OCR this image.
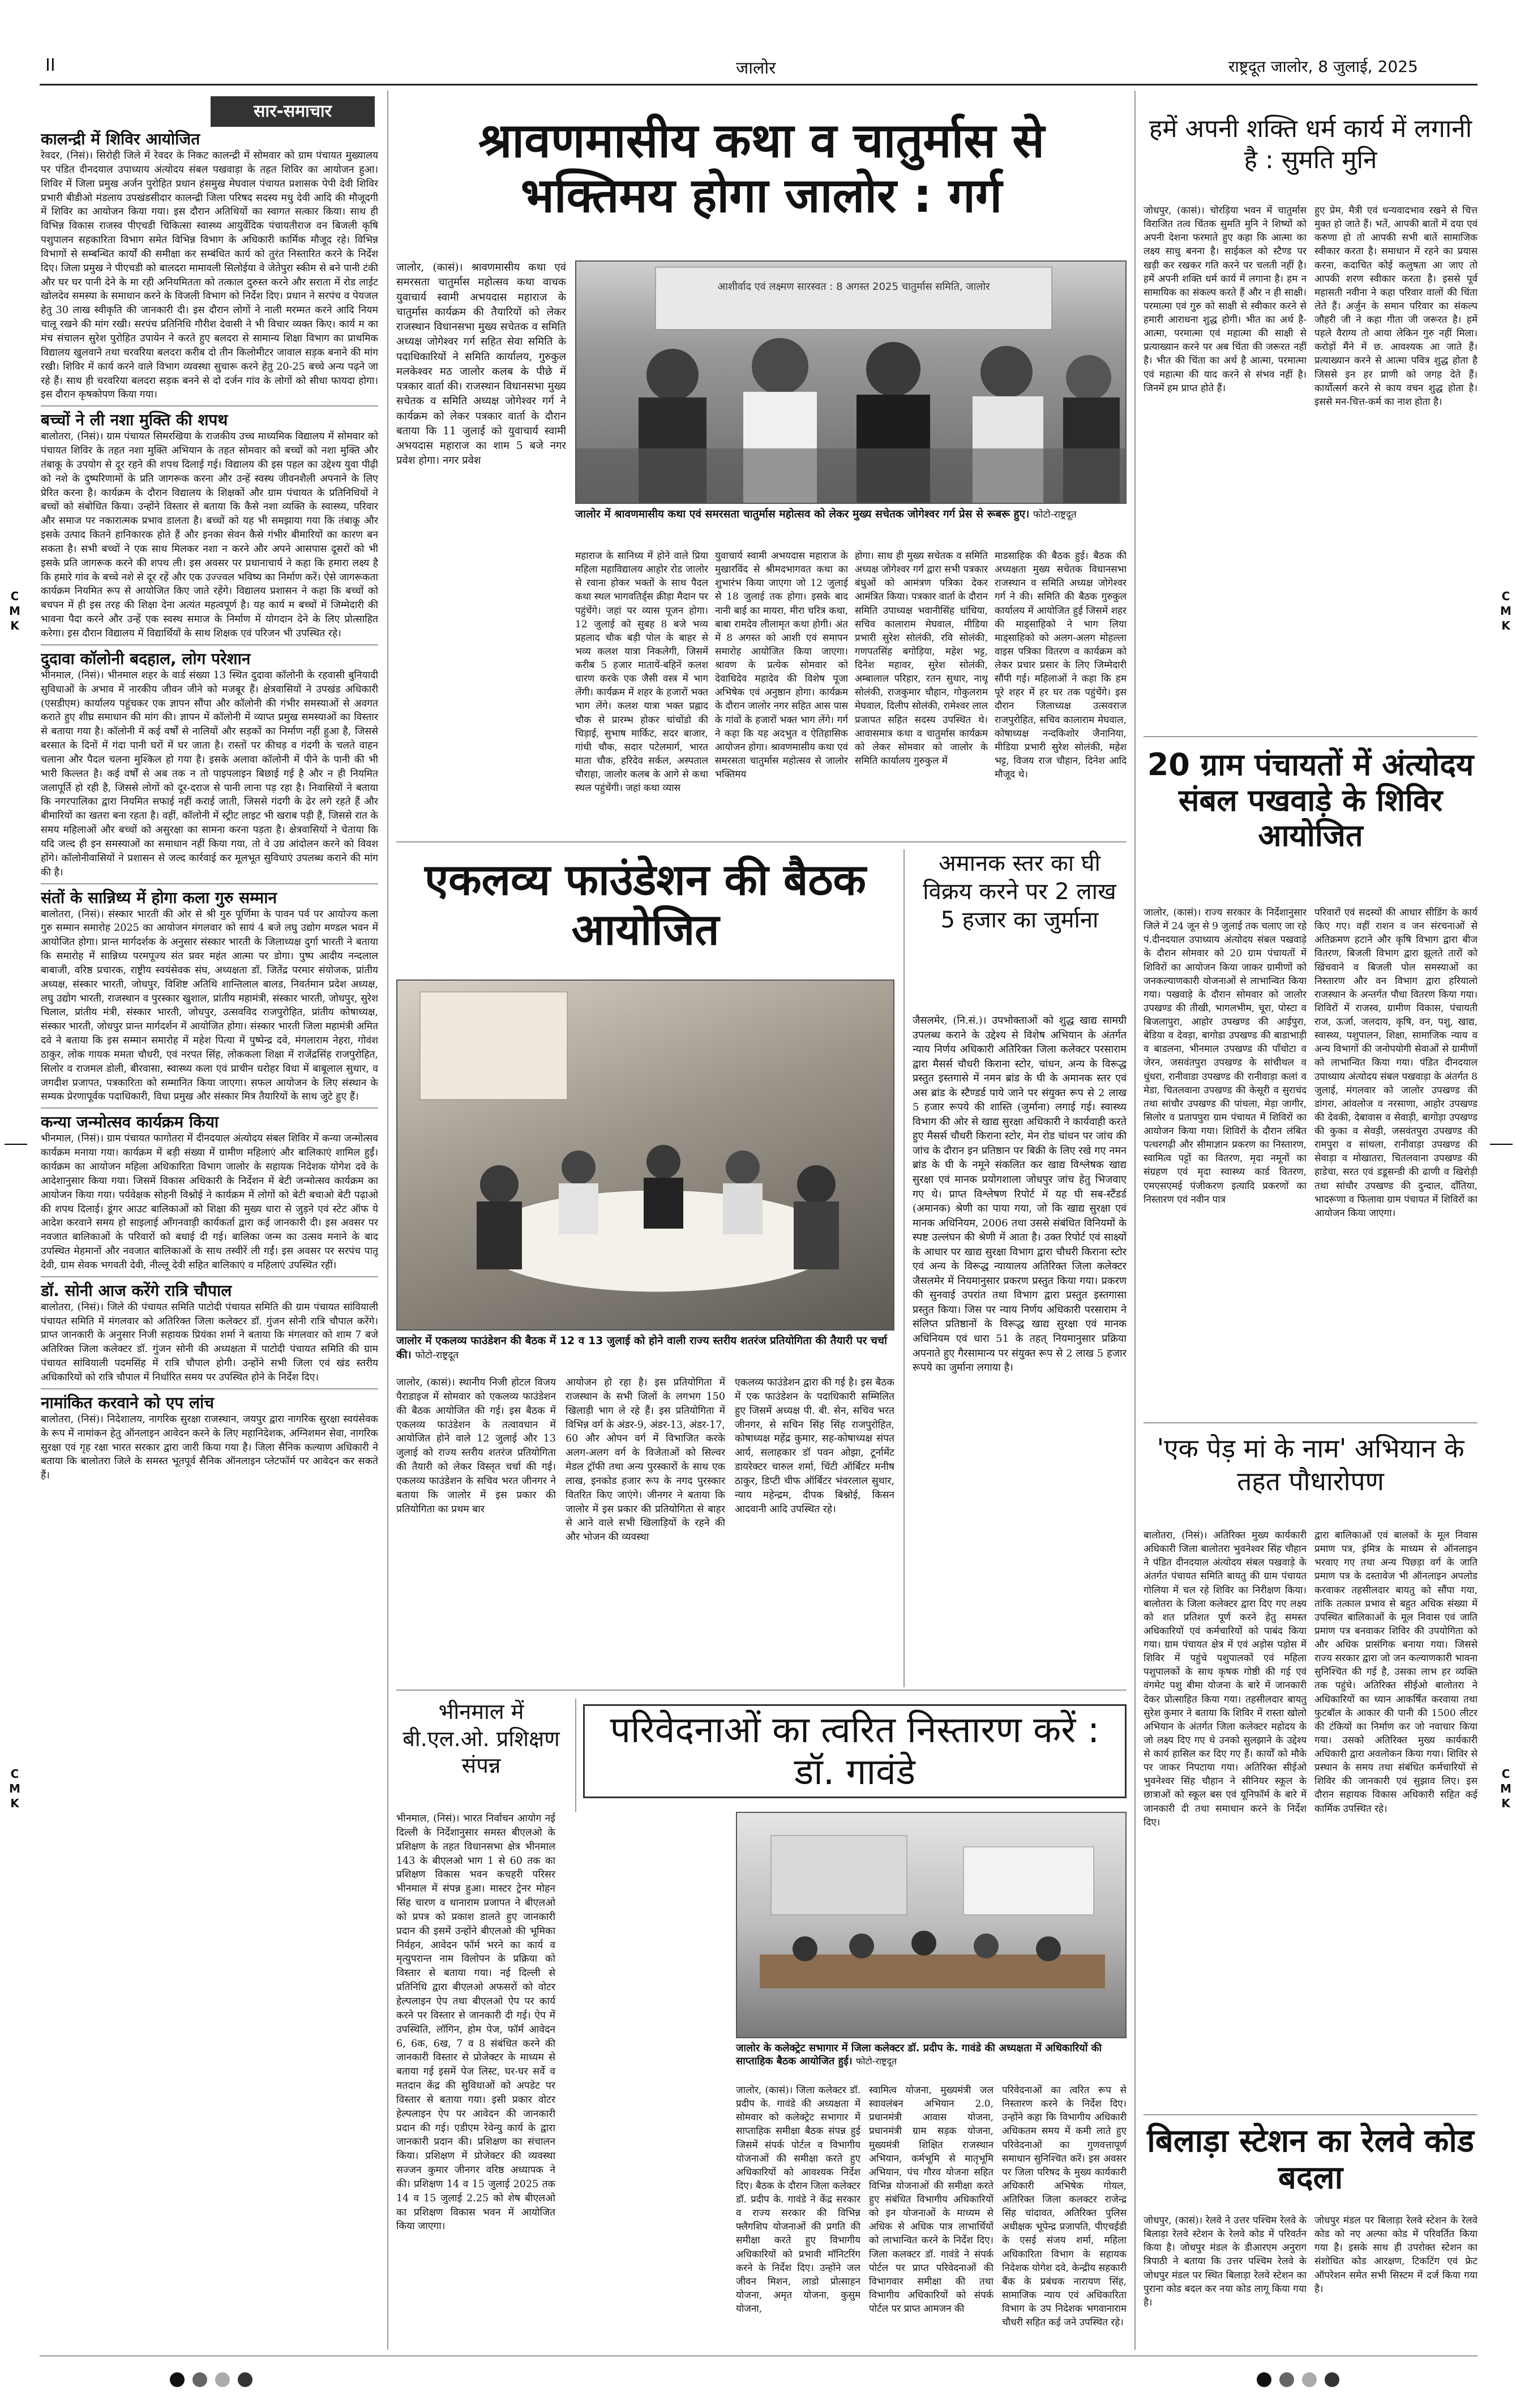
II	जालोर	राष्ट्रदूत जालोर, 8 जुलाई, 2025
CMK
CMK
CMK
CMK
सार-समाचार
कालन्द्री में शिविर आयोजित
रेवदर, (निसं)। सिरोही जिले में रेवदर के निकट कालन्द्री में सोमवार को ग्राम पंचायत मुख्यालय पर पंडित दीनदयाल उपाध्याय अंत्योदय संबल पखवाड़ा के तहत शिविर का आयोजन हुआ। शिविर में जिला प्रमुख अर्जन पुरोहित प्रधान हंसमुख मेघवाल पंचायत प्रशासक पेपी देवी शिविर प्रभारी बीडीओ मंडलाय उपखंडसीदार कालन्द्री जिला परिषद सदस्य मधु देवी आदि की मौजूदगी में शिविर का आयोजन किया गया। इस दौरान अतिथियों का स्वागत सत्कार किया। साथ ही विभिन्न विकास राजस्व पीएचडी चिकित्सा स्वास्थ्य आयुर्वेदिक पंचायतीराज वन बिजली कृषि पशुपालन सहकारिता विभाग समेत विभिन्न विभाग के अधिकारी कार्मिक मौजूद रहे। विभिन्न विभागों से सम्बन्धित कार्यों की समीक्षा कर सम्बंधित कार्य को तुरंत निस्तारित करने के निर्देश दिए। जिला प्रमुख ने पीएचडी को बालदरा मामावली सिलोईया वे जेतेपुरा स्कीम से बने पानी टंकी और घर घर पानी देने के मा रही अनियमितता को तत्काल दुरुस्त करने और सराता में रोड लाईट खोलदेव समस्या के समाधान करने के विजली विभाग को निर्देश दिए। प्रधान ने सरपंच व पेयजल हेतु 30 लाख स्वीकृति की जानकारी दी। इस दौरान लोगों ने नाली मरम्मत करने आदि नियम चालू रखने की मांग रखी। सरपंच प्रतिनिधि गौरीश देवासी ने भी विचार व्यक्त किए। कार्य म का मंच संचालन सुरेश पुरोहित उपायेन ने करते हुए बलदरा से सामान्य शिक्षा विभाग का प्राथमिक विद्यालय खुलवाने तथा चरवरिया बलदरा करीब दो तीन किलोमीटर जावाल सड़क बनाने की मांग रखी। शिविर में कार्य करने वाले विभाग व्यवस्था सुचारू करने हेतु 20-25 बच्चे अन्य पढ़ने जा रहे हैं। साथ ही चरवरिया बलदरा सड़क बनने से दो दर्जन गांव के लोगों को सीधा फायदा होगा। इस दौरान कृषकोपण किया गया।
बच्चों ने ली नशा मुक्ति की शपथ
बालोतरा, (निसं)। ग्राम पंचायत सिमरखिया के राजकीय उच्च माध्यमिक विद्यालय में सोमवार को पंचायत शिविर के तहत नशा मुक्ति अभियान के तहत सोमवार को बच्चों को नशा मुक्ति और तंबाकू के उपयोग से दूर रहने की शपथ दिलाई गई। विद्यालय की इस पहल का उद्देश्य युवा पीढ़ी को नशे के दुष्परिणामों के प्रति जागरूक करना और उन्हें स्वस्थ जीवनशैली अपनाने के लिए प्रेरित करना है। कार्यक्रम के दौरान विद्यालय के शिक्षकों और ग्राम पंचायत के प्रतिनिधियों ने बच्चों को संबोधित किया। उन्होंने विस्तार से बताया कि कैसे नशा व्यक्ति के स्वास्थ्य, परिवार और समाज पर नकारात्मक प्रभाव डालता है। बच्चों को यह भी समझाया गया कि तंबाकू और इसके उत्पाद कितने हानिकारक होते हैं और इनका सेवन कैसे गंभीर बीमारियों का कारण बन सकता है। सभी बच्चों ने एक साथ मिलकर नशा न करने और अपने आसपास दूसरों को भी इसके प्रति जागरूक करने की शपथ ली। इस अवसर पर प्रधानाचार्य ने कहा कि हमारा लक्ष्य है कि हमारे गांव के बच्चे नशे से दूर रहें और एक उज्ज्वल भविष्य का निर्माण करें। ऐसे जागरूकता कार्यक्रम नियमित रूप से आयोजित किए जाते रहेंगे। विद्यालय प्रशासन ने कहा कि बच्चों को बचपन में ही इस तरह की शिक्षा देना अत्यंत महत्वपूर्ण है। यह कार्य म बच्चों में जिम्मेदारी की भावना पैदा करने और उन्हें एक स्वस्थ समाज के निर्माण में योगदान देने के लिए प्रोत्साहित करेगा। इस दौरान विद्यालय में विद्यार्थियों के साथ शिक्षक एवं परिजन भी उपस्थित रहे।
दुदावा कॉलोनी बदहाल, लोग परेशान
भीनमाल, (निसं)। भीनमाल शहर के वार्ड संख्या 13 स्थित दुदावा कॉलोनी के रहवासी बुनियादी सुविधाओं के अभाव में नारकीय जीवन जीने को मजबूर हैं। क्षेत्रवासियों ने उपखंड अधिकारी (एसडीएम) कार्यालय पहुंचकर एक ज्ञापन सौंपा और कॉलोनी की गंभीर समस्याओं से अवगत कराते हुए शीघ्र समाधान की मांग की। ज्ञापन में कॉलोनी में व्याप्त प्रमुख समस्याओं का विस्तार से बताया गया है। कॉलोनी में कई वर्षों से नालियों और सड़कों का निर्माण नहीं हुआ है, जिससे बरसात के दिनों में गंदा पानी घरों में घर जाता है। रास्तों पर कीचड़ व गंदगी के चलते वाहन चलाना और पैदल चलना मुश्किल हो गया है। इसके अलावा कॉलोनी में पीने के पानी की भी भारी किल्लत है। कई वर्षों से अब तक न तो पाइपलाइन बिछाई गई है और न ही नियमित जलापूर्ति हो रही है, जिससे लोगों को दूर-दराज से पानी लाना पड़ रहा है। निवासियों ने बताया कि नगरपालिका द्वारा नियमित सफाई नहीं कराई जाती, जिससे गंदगी के ढेर लगे रहते हैं और बीमारियों का खतरा बना रहता है। वहीं, कॉलोनी में स्ट्रीट लाइट भी खराब पड़ी हैं, जिससे रात के समय महिलाओं और बच्चों को असुरक्षा का सामना करना पड़ता है। क्षेत्रवासियों ने चेताया कि यदि जल्द ही इन समस्याओं का समाधान नहीं किया गया, तो वे उग्र आंदोलन करने को विवश होंगे। कॉलोनीवासियों ने प्रशासन से जल्द कार्रवाई कर मूलभूत सुविधाएं उपलब्ध कराने की मांग की है।
संतों के सान्निध्य में होगा कला गुरु सम्मान
बालोतरा, (निसं)। संस्कार भारती की ओर से श्री गुरु पूर्णिमा के पावन पर्व पर आयोज्य कला गुरु सम्मान समारोह 2025 का आयोजन मंगलवार को सायं 4 बजे लघु उद्योग मण्डल भवन में आयोजित होगा। प्रान्त मार्गदर्शक के अनुसार संस्कार भारती के जिलाध्यक्ष दुर्गा भारती ने बताया कि समारोह में सान्निध्य परमपूज्य संत प्रवर महंत आत्मा पर डोगा। पुष्प आदीय नन्दलाल बाबाजी, वरिष्ठ प्रचारक, राष्ट्रीय स्वयंसेवक संघ, अध्यक्षता डॉ. जितेंद्र परमार संयोजक, प्रांतीय अध्यक्ष, संस्कार भारती, जोधपुर, विशिष्ट अतिथि शान्तिलाल बालड, निवर्तमान प्रदेश अध्यक्ष, लघु उद्योग भारती, राजस्थान व पुरस्कार खुशाल, प्रांतीय महामंत्री, संस्कार भारती, जोधपुर, सुरेश चिलाल, प्रांतीय मंत्री, संस्कार भारती, जोधपुर, उत्सवविद राजपुरोहित, प्रांतीय कोषाध्यक्ष, संस्कार भारती, जोधपुर प्रान्त मार्गदर्शन में आयोजित होगा। संस्कार भारती जिला महामंत्री अमित दवे ने बताया कि इस सम्मान समारोह में महेश पित्या में पुष्पेन्द्र दवे, मंगलाराम नेहरा, गोवंश ठाकुर, लोक गायक ममता चौधरी, एवं नरपत सिंह, लोककला शिक्षा में राजेंद्रसिंह राजपुरोहित, सिलोर व राजमल डोली, बीरवासा, स्वास्थ्य कला एवं प्राचीन धरोहर विधा में बाबूलाल सुथार, व जगदीश प्रजापत, पत्रकारिता को सम्मानित किया जाएगा। सफल आयोजन के लिए संस्थान के सम्यक प्रेरणापूर्वक पदाधिकारी, विधा प्रमुख और संस्कार मित्र तैयारियों के साथ जुटे हुए हैं।
कन्या जन्मोत्सव कार्यक्रम किया
भीनमाल, (निसं)। ग्राम पंचायत फागोतरा में दीनदयाल अंत्योदय संबल शिविर में कन्या जन्मोत्सव कार्यक्रम मनाया गया। कार्यक्रम में बड़ी संख्या में ग्रामीण महिलाएं और बालिकाएं शामिल हुईं। कार्यक्रम का आयोजन महिला अधिकारिता विभाग जालोर के सहायक निदेशक योगेश दवे के आदेशानुसार किया गया। जिसमें विकास अधिकारी के निर्देशन में बेटी जन्मोत्सव कार्यक्रम का आयोजन किया गया। पर्यवेक्षक सोहनी विश्नोई ने कार्यक्रम में लोगों को बेटी बचाओ बेटी पढ़ाओ की शपथ दिलाई। डूंगर आउट बालिकाओं को शिक्षा की मुख्य धारा से जुड़ने एवं स्टेट ऑफ ये आदेश करवाने समय हो साइलाई आँगनवाड़ी कार्यकर्ता द्वारा कई जानकारी दी। इस अवसर पर नवजात बालिकाओं के परिवारों को बधाई दी गई। बालिका जन्म का उत्सव मनाने के बाद उपस्थित मेहमानों और नवजात बालिकाओं के साथ तस्वीरें ली गईं। इस अवसर पर सरपंच पातू देवी, ग्राम सेवक भगवती देवी, नील्लू देवी सहित बालिकाएं व महिलाएं उपस्थित रहीं।
डॉ. सोनी आज करेंगे रात्रि चौपाल
बालोतरा, (निसं)। जिले की पंचायत समिति पाटोदी पंचायत समिति की ग्राम पंचायत सांवियाली पंचायत समिति में मंगलवार को अतिरिक्त जिला कलेक्टर डॉ. गुंजन सोनी रात्रि चौपाल करेंगे। प्राप्त जानकारी के अनुसार निजी सहायक प्रियंका शर्मा ने बताया कि मंगलवार को शाम 7 बजे अतिरिक्त जिला कलेक्टर डॉ. गुंजन सोनी की अध्यक्षता में पाटोदी पंचायत समिति की ग्राम पंचायत सांवियाली पदमसिंह में रात्रि चौपाल होगी। उन्होंने सभी जिला एवं खंड स्तरीय अधिकारियों को रात्रि चौपाल में निर्धारित समय पर उपस्थित होने के निर्देश दिए।
नामांकित करवाने को एप लांच
बालोतरा, (निसं)। निदेशालय, नागरिक सुरक्षा राजस्थान, जयपुर द्वारा नागरिक सुरक्षा स्वयंसेवक के रूप में नामांकन हेतु ऑनलाइन आवेदन करने के लिए महानिदेशक, अग्निशमन सेवा, नागरिक सुरक्षा एवं गृह रक्षा भारत सरकार द्वारा जारी किया गया है। जिला सैनिक कल्याण अधिकारी ने बताया कि बालोतरा जिले के समस्त भूतपूर्व सैनिक ऑनलाइन प्लेटफॉर्म पर आवेदन कर सकते हैं।
श्रावणमासीय कथा व चातुर्मास से भक्तिमय होगा जालोर : गर्ग
जालोर, (कासं)। श्रावणमासीय कथा एवं समरसता चातुर्मास महोत्सव कथा वाचक युवाचार्य स्वामी अभयदास महाराज के चातुर्मास कार्यक्रम की तैयारियों को लेकर राजस्थान विधानसभा मुख्य सचेतक व समिति अध्यक्ष जोगेश्वर गर्ग सहित सेवा समिति के पदाधिकारियों ने समिति कार्यालय, गुरुकुल मलकेश्वर मठ जालोर कलब के पीछे में पत्रकार वार्ता की। राजस्थान विधानसभा मुख्य सचेतक व समिति अध्यक्ष जोगेश्वर गर्ग ने कार्यक्रम को लेकर पत्रकार वार्ता के दौरान बताया कि 11 जुलाई को युवाचार्य स्वामी अभयदास महाराज का शाम 5 बजे नगर प्रवेश होगा। नगर प्रवेश
आशीर्वाद एवं लक्ष्मण सारस्वत : 8 अगस्त 2025 चातुर्मास समिति, जालोर
जालोर में श्रावणमासीय कथा एवं समरसता चातुर्मास महोत्सव को लेकर मुख्य सचेतक जोगेश्वर गर्ग प्रेस से रूबरू हुए। फोटो-राष्ट्रदूत
महाराज के सानिध्य में होने वाले प्रिया महिला महाविद्यालय आहोर रोड जालोर से रवाना होकर भक्तों के साथ पैदल कथा स्थल भागवतिर्ड्स क्रीड़ा मैदान पर पहुंचेंगे। जहां पर व्यास पूजन होगा। 12 जुलाई को सुबह 8 बजे भव्य प्रहलाद चौक बड़ी पोल के बाहर से भव्य कलश यात्रा निकलेगी, जिसमें करीब 5 हजार मातायें-बहिनें कलश धारण करके एक जैसी वस्त्र में भाग लेंगी। कार्यक्रम में शहर के हजारों भक्त भाग लेंगे। कलश यात्रा भक्त प्रह्लाद चौक से प्रारम्भ होकर चांचोंडो की चिड़ाई, सुभाष मार्किट, सदर बाजार, गांधी चौक, सदार पटेलमार्ग, भारत माता चौक, हरिदेव सर्कल, अस्पताल चौराहा, जालोर कलब के आगे से कथा स्थल पहुंचेंगी। जहां कथा व्यास
युवाचार्य स्वामी अभयदास महाराज के मुखारविंद से श्रीमदभागवत कथा का शुभारंभ किया जाएगा जो 12 जुलाई से 18 जुलाई तक होगा। इसके बाद नानी बाई का मायरा, मीरा चरित्र कथा, बाबा रामदेव लीलामृत कथा होगी। अंत में 8 अगस्त को आशी एवं समापन समारोह आयोजित किया जाएगा। श्रावण के प्रत्येक सोमवार को देवाधिदेव महादेव की विशेष पूजा अभिषेक एवं अनुष्ठान होगा। कार्यक्रम के दौरान जालोर नगर सहित आस पास के गांवों के हजारों भक्त भाग लेंगे। गर्ग ने कहा कि यह अदभुत व ऐतिहासिक आयोजन होगा। श्रावणमासीय कथा एवं समरसता चातुर्मास महोत्सव से जालोर भक्तिमय
होगा। साथ ही मुख्य सचेतक व समिति अध्यक्ष जोगेश्वर गर्ग द्वारा सभी पत्रकार बंधुओं को आमंत्रण पत्रिका देकर आमंत्रित किया। पत्रकार वार्ता के दौरान समिति उपाध्यक्ष भवानीसिंह धांधिया, सचिव कालाराम मेघवाल, मीडिया प्रभारी सुरेश सोलंकी, रवि सोलंकी, गणपतसिंह बगोड़िया, महेश भट्ट, दिनेश महावर, सुरेश सोलंकी, अम्बालाल परिहार, रतन सुथार, नाथू सोलंकी, राजकुमार चौहान, गोकुलराम मेघवाल, दिलीप सोलंकी, रामेश्वर लाल प्रजापत सहित सदस्य उपस्थित थे। आवासमात्र कथा व चातुर्मास कार्यक्रम को लेकर सोमवार को जालोर के समिति कार्यालय गुरुकुल में
माडसाहिक की बैठक हुई। बैठक की अध्यक्षता मुख्य सचेतक विधानसभा राजस्थान व समिति अध्यक्ष जोगेश्वर गर्ग ने की। समिति की बैठक गुरुकुल कार्यालय में आयोजित हुई जिसमें शहर की माड्साहिको ने भाग लिया माड्साहिको को अलग-अलग मोहल्ला वाइस पत्रिका वितरण व कार्यक्रम को लेकर प्रचार प्रसार के लिए जिम्मेदारी सौंपी गई। महिलाओं ने कहा कि हम पूरे शहर में हर घर तक पहुंचेंगे। इस दौरान जिलाध्यक्ष उत्सवराज राजपुरोहित, सचिव कालाराम मेघवाल, कोषाध्यक्ष नन्दकिशोर जैनानिया, मीडिया प्रभारी सुरेश सोलंकी, महेश भट्ट, विजय राज चौहान, दिनेश आदि मौजूद थे।
एकलव्य फाउंडेशन की बैठक आयोजित
जालोर में एकलव्य फाउंडेशन की बैठक में 12 व 13 जुलाई को होने वाली राज्य स्तरीय शतरंज प्रतियोगिता की तैयारी पर चर्चा की। फोटो-राष्ट्रदूत
जालोर, (कासं)। स्थानीय निजी होटल विजय पैराडाइज में सोमवार को एकलव्य फाउंडेशन की बैठक आयोजित की गई। इस बैठक में एकलव्य फाउंडेशन के तत्वावधान में आयोजित होने वाले 12 जुलाई और 13 जुलाई को राज्य स्तरीय शतरंज प्रतियोगिता की तैयारी को लेकर विस्तृत चर्चा की गई। एकलव्य फाउंडेशन के सचिव भरत जीनगर ने बताया कि जालोर में इस प्रकार की प्रतियोगिता का प्रथम बार
आयोजन हो रहा है। इस प्रतियोगिता में राजस्थान के सभी जिलों के लगभग 150 खिलाड़ी भाग ले रहे हैं। इस प्रतियोगिता में विभिन्न वर्ग के अंडर-9, अंडर-13, अंडर-17, 60 और ओपन वर्ग में विभाजित करके अलग-अलग वर्ग के विजेताओं को सिल्वर मेडल ट्रॉफी तथा अन्य पुरस्कारों के साथ एक लाख, इनकोड हजार रूप के नगद पुरस्कार वितरित किए जाएंगे। जीनगर ने बताया कि जालोर में इस प्रकार की प्रतियोगिता से बाहर से आने वाले सभी खिलाड़ियों के रहने की और भोजन की व्यवस्था
एकलव्य फाउंडेशन द्वारा की गई है। इस बैठक में एक फाउंडेशन के पदाधिकारी सम्मिलित हुए जिसमें अध्यक्ष पी. बी. सेन, सचिव भरत जीनगर, से सचिन सिंह सिंह राजपुरोहित, कोषाध्यक्ष महेंद्र कुमार, सह-कोषाध्यक्ष संपत आर्य, सलाहकार डॉ पवन ओझा, टूर्नामेंट डायरेक्टर चारुल शर्मा, चिंटी ऑर्बिटर मनीष ठाकुर, डिप्टी चीफ ऑर्बिटर भंवरलाल सुथार, न्याय महेन्द्रम, दीपक बिश्नोई, किसन आदवानी आदि उपस्थित रहे।
अमानक स्तर का घी विक्रय करने पर 2 लाख 5 हजार का जुर्माना
जैसलमेर, (नि.सं.)। उपभोक्ताओं को शुद्ध खाद्य सामग्री उपलब्ध कराने के उद्देश्य से विशेष अभियान के अंतर्गत न्याय निर्णय अधिकारी अतिरिक्त जिला कलेक्टर परसाराम द्वारा मैसर्स चौधरी किराना स्टोर, चांधन, अन्य के विरूद्ध प्रस्तुत इस्तगासे में नमन ब्रांड के घी के अमानक स्तर एवं अस ब्रांड के स्टैण्डर्ड पाये जाने पर संयुक्त रूप से 2 लाख 5 हजार रूपये की शास्ति (जुर्माना) लगाई गई। स्वास्थ्य विभाग की ओर से खाद्य सुरक्षा अधिकारी ने कार्यवाही करते हुए मैसर्स चौधरी किराना स्टोर, मेन रोड चांधन पर जांच की जांच के दौरान इन प्रतिष्ठान पर बिक्री के लिए रखे गए नमन ब्रांड के घी के नमूने संकलित कर खाद्य विश्लेषक खाद्य सुरक्षा एवं मानक प्रयोगशाला जोधपुर जांच हेतु भिजवाए गए थे। प्राप्त विश्लेषण रिपोर्ट में यह घी सब-स्टैंडर्ड (अमानक) श्रेणी का पाया गया, जो कि खाद्य सुरक्षा एवं मानक अधिनियम, 2006 तथा उससे संबंधित विनियमों के स्पष्ट उल्लंघन की श्रेणी में आता है। उक्त रिपोर्ट एवं साक्ष्यों के आधार पर खाद्य सुरक्षा विभाग द्वारा चौधरी किराना स्टोर एवं अन्य के विरूद्ध न्यायालय अतिरिक्त जिला कलेक्टर जैसलमेर में नियमानुसार प्रकरण प्रस्तुत किया गया। प्रकरण की सुनवाई उपरांत तथा विभाग द्वारा प्रस्तुत इस्तगासा प्रस्तुत किया। जिस पर न्याय निर्णय अधिकारी परसाराम ने संलिप्त प्रतिष्ठानों के विरूद्ध खाद्य सुरक्षा एवं मानक अधिनियम एवं धारा 51 के तहत् नियमानुसार प्रक्रिया अपनाते हुए गैरसामान्य पर संयुक्त रूप से 2 लाख 5 हजार रूपये का जुर्माना लगाया है।
भीनमाल में बी.एल.ओ. प्रशिक्षण संपन्न
भीनमाल, (निसं)। भारत निर्वाचन आयोग नई दिल्ली के निर्देशानुसार समस्त बीएलओ के प्रशिक्षण के तहत विधानसभा क्षेत्र भीनमाल 143 के बीएलओ भाग 1 से 60 तक का प्रशिक्षण विकास भवन कचहरी परिसर भीनमाल में संपन्न हुआ। मास्टर ट्रेनर मोहन सिंह चारण व थानाराम प्रजापत ने बीएलओ को प्रपत्र को प्रकाश डालते हुए जानकारी प्रदान की इसमें उन्होंने बीएलओ की भूमिका निर्वहन, आवेदन फॉर्म भरने का कार्य व मृत्युपरान्त नाम विलोपन के प्रक्रिया को विस्तार से बताया गया। नई दिल्ली से प्रतिनिधि द्वारा बीएलओ अफसरों को वोटर हेल्पलाइन ऐप तथा बीएलओ ऐप पर कार्य करने पर विस्तार से जानकारी दी गई। ऐप में उपस्थिति, लॉगिन, होम पेज, फॉर्म आवेदन 6, 6क, 6ख, 7 व 8 संबंधित करने की जानकारी विस्तार से प्रोजेक्टर के माध्यम से बताया गई इसमें पेज लिस्ट, घर-घर सर्वे व मतदान केंद्र की सुविधाओं को अपडेट पर विस्तार से बताया गया। इसी प्रकार वोटर हेल्पलाइन ऐप पर आवेदन की जानकारी प्रदान की गई। एडीएम रेवेन्यु कार्य के द्वारा जानकारी प्रदान की। प्रशिक्षण का संचालन किया। प्रशिक्षण में प्रोजेक्टर की व्यवस्था सज्जन कुमार जीनगर वरिष्ठ अध्यापक ने की। प्रशिक्षण 14 व 15 जुलाई 2025 तक 14 व 15 जुलाई 2.25 को शेष बीएलओ का प्रशिक्षण विकास भवन में आयोजित किया जाएगा।
परिवेदनाओं का त्वरित निस्तारण करें : डॉ. गावंडे
जालोर के कलेक्ट्रेट सभागार में जिला कलेक्टर डॉ. प्रदीप के. गावंडे की अध्यक्षता में अधिकारियों की साप्ताहिक बैठक आयोजित हुई। फोटो-राष्ट्रदूत
जालोर, (कासं)। जिला कलेक्टर डॉ. प्रदीप के. गावंडे की अध्यक्षता में सोमवार को कलेक्ट्रेट सभागार में साप्ताहिक समीक्षा बैठक संपन्न हुई जिसमें संपर्क पोर्टल व विभागीय योजनाओं की समीक्षा करते हुए अधिकारियों को आवश्यक निर्देश दिए। बैठक के दौरान जिला कलेक्टर डॉ. प्रदीप के. गावंडे ने केंद्र सरकार व राज्य सरकार की विभिन्न फ्लैगशिप योजनाओं की प्रगति की समीक्षा करते हुए विभागीय अधिकारियों को प्रभावी मॉनिटरिंग करने के निर्देश दिए। उन्होंने जल जीवन मिशन, लाडो प्रोत्साहन योजना, अमृत योजना, कुसुम योजना,
स्वामित्व योजना, मुख्यमंत्री जल स्वावलंबन अभियान 2.0, प्रधानमंत्री आवास योजना, प्रधानमंत्री ग्राम सड़क योजना, मुख्यमंत्री शिक्षित राजस्थान अभियान, कर्मभूमि से मातृभूमि अभियान, पंच गौरव योजना सहित विभिन्न योजनाओं की समीक्षा करते हुए संबंधित विभागीय अधिकारियों को इन योजनाओं के माध्यम से अधिक से अधिक पात्र लाभार्थियों को लाभान्वित करने के निर्देश दिए। जिला कलक्टर डॉ. गावंडे ने संपर्क पोर्टल पर प्राप्त परिवेदनाओं की विभागवार समीक्षा की तथा विभागीय अधिकारियों को संपर्क पोर्टल पर प्राप्त आमजन की
परिवेदनाओं का त्वरित रूप से निस्तारण करने के निर्देश दिए। उन्होंने कहा कि विभागीय अधिकारी अधिकतम समय में कमी लाते हुए परिवेदनाओं का गुणवत्तापूर्ण समाधान सुनिश्चित करें। इस अवसर पर जिला परिषद के मुख्य कार्यकारी अधिकारी अभिषेक गोयल, अतिरिक्त जिला कलक्टर राजेन्द्र सिंह चांदावत, अतिरिक्त पुलिस अधीक्षक भूपेन्द्र प्रजापति, पीएचईडी के एसई संजय शर्मा, महिला अधिकारिता विभाग के सहायक निदेशक योगेश दवे, केन्द्रीय सहकारी बैंक के प्रबंधक नारायण सिंह, सामाजिक न्याय एवं अधिकारिता विभाग के उप निदेशक भगवानाराम चौधरी सहित कई जने उपस्थित रहे।
हमें अपनी शक्ति धर्म कार्य में लगानी है : सुमति मुनि
जोधपुर, (कासं)। चोरड़िया भवन में चातुर्मास विराजित तत्व चिंतक सुमति मुनि ने शिष्यों को अपनी देशना फरमाते हुए कहा कि आत्मा का लक्ष्य साधु बनना है। साईकल को स्टैण्ड पर खड़ी कर रखकर गति करने पर चलती नहीं है। हमें अपनी शक्ति धर्म कार्य में लगाना है। हम न सामायिक का संकल्प करते हैं और न ही साक्षी। परमात्मा एवं गुरु को साक्षी से स्वीकार करने से हमारी आराधना शुद्ध होगी। भीत का अर्थ है- आत्मा, परमात्मा एवं महात्मा की साक्षी से प्रत्याख्यान करने पर अब चिंता की जरूरत नहीं है। भीत की चिंता का अर्थ है आत्मा, परमात्मा एवं महात्मा की याद करने से संभव नहीं है। जिनमें हम प्राप्त होते हैं।
हुए प्रेम, मैत्री एवं धन्यवादभाव रखने से चित्त मुक्त हो जाते हैं। भतें, आपकी बातों में दया एवं करुणा हो तो आपकी सभी बातें सामाजिक स्वीकार करता है। समाधान में रहने का प्रयास करना, कदाचित कोई कलुषता आ जाए तो आपकी शरण स्वीकार करता है। इससे पूर्व महासती नवीना ने कहा परिवार वालों की चिंता लेते हैं। अर्जुन के समान परिवार का संकल्प जौहरी जी ने कहा गीता जी जरूरत है। हमें पहले वैराग्य तो आया लेकिन गुरु नहीं मिला। करोड़ों मैंने में छ. आवश्यक आ जाते हैं। प्रत्याख्यान करने से आत्मा पवित्र शुद्ध होता है जिससे इन हर प्राणी को जगह देते हैं। कार्योत्सर्ग करने से काय वचन शुद्ध होता है। इससे मन-चित्त-कर्म का नाश होता है।
20 ग्राम पंचायतों में अंत्योदय संबल पखवाड़े के शिविर आयोजित
जालोर, (कासं)। राज्य सरकार के निर्देशानुसार जिले में 24 जून से 9 जुलाई तक चलाए जा रहे पं.दीनदयाल उपाध्याय अंत्योदय संबल पखवाड़े के दौरान सोमवार को 20 ग्राम पंचायतों में शिविरों का आयोजन किया जाकर ग्रामीणों को जनकल्याणकारी योजनाओं से लाभान्वित किया गया। पखवाड़े के दौरान सोमवार को जालोर उपखण्ड की तीखी, भागलभीम, चूरा, पोस्टा व बिजलापुरा, आहोर उपखण्ड की आईपुरा, बेडिया व देवड़ा, बागोडा उपखण्ड की बाडाभाड़ी व बाडलना, भीनमाल उपखण्ड की पाँचोटा व जेरन, जसवंतपुरा उपखण्ड के सांचीथल व धुंधरा, रानीवाडा उपखण्ड की रानीवाड़ा कलां व मेडा, चितलवाना उपखण्ड की केसूरी व सुराचंद तथा सांचौर उपखण्ड की पांचला, मेड़ा जागीर, सिलोर व प्रतापपुरा ग्राम पंचायत में शिविरों का आयोजन किया गया। शिविरों के दौरान लंबित पत्थरगढ़ी और सीमाज्ञान प्रकरण का निस्तारण, स्वामित्व पट्टों का वितरण, मृदा नमूनों का संग्रहण एवं मृदा स्वास्थ्य कार्ड वितरण, एमएसएमई पंजीकरण इत्यादि प्रकरणों का निस्तारण एवं नवीन पात्र
परिवारों एवं सदस्यों की आधार सीडिंग के कार्य किए गए। वहीं राशन व जन संरचनाओं से अतिक्रमण हटाने और कृषि विभाग द्वारा बीज वितरण, बिजली विभाग द्वारा झूलते तारों को खिंचवाने व बिजली पोल समस्याओं का निस्तारण और वन विभाग द्वारा हरियालो राजस्थान के अन्तर्गत पौधा वितरण किया गया। शिविरों में राजस्व, ग्रामीण विकास, पंचायती राज, ऊर्जा, जलदाय, कृषि, वन, पशु, खाद्य, स्वास्थ्य, पशुपालन, शिक्षा, सामाजिक न्याय व अन्य विभागों की जनोपयोगी सेवाओं से ग्रामीणों को लाभान्वित किया गया। पंडित दीनदयाल उपाध्याय अंत्योदय संबल पखवाड़ा के अंतर्गत 8 जुलाई, मंगलवार को जालोर उपखण्ड की डांगरा, आंवलोज व नरसाणा, आहोर उपखण्ड की देवकी, देबावास व सेवाड़ी, बागोड़ा उपखण्ड की कुका व सेवड़ी, जसवंतपुरा उपखण्ड की रामपुरा व सांथला, रानीवाड़ा उपखण्ड की सेवाड़ा व मोखातरा, चितलवाना उपखण्ड की हाडेचा, सरत एवं डडूसन्डी की ढाणी व खिरोड़ी तथा सांचौर उपखण्ड की दुन्दाल, दाँतिया, भादरूणा व फिलावा ग्राम पंचायत में शिविरों का आयोजन किया जाएगा।
'एक पेड़ मां के नाम' अभियान के तहत पौधारोपण
बालोतरा, (निसं)। अतिरिक्त मुख्य कार्यकारी अधिकारी जिला बालोतरा भुवनेश्वर सिंह चौहान ने पंडित दीनदयाल अंत्योदय संबल पखवाड़े के अंतर्गत पंचायत समिति बायतु की ग्राम पंचायत गोलिया में चल रहे शिविर का निरीक्षण किया। बालोतरा के जिला कलेक्टर द्वारा दिए गए लक्ष्य को शत प्रतिशत पूर्ण करने हेतु समस्त अधिकारियों एवं कर्मचारियों को पाबंद किया गया। ग्राम पंचायत क्षेत्र में एवं अड़ोस पड़ोस में शिविर में पहुंचे पशुपालकों एवं महिला पशुपालकों के साथ कृषक गोष्ठी की गई एवं वंगमेट पशु बीमा योजना के बारे में जानकारी देकर प्रोत्साहित किया गया। तहसीलदार बायतु सुरेश कुमार ने बताया कि शिविर में रास्ता खोलो अभियान के अंतर्गत जिला कलेक्टर महोदय के जो लक्ष्य दिए गए थे उनको सुलझाने के उद्देश्य से कार्य हासिल कर दिए गए हैं। कार्यों को मौके पर जाकर निपटाया गया। अतिरिक्त सीईओ भुवनेश्वर सिंह चौहान ने सीनियर स्कूल के छात्राओं को स्कूल बस एवं यूनिफॉर्म के बारे में जानकारी दी तथा समाधान करने के निर्देश दिए।
द्वारा बालिकाओं एवं बालकों के मूल निवास प्रमाण पत्र, इंमित्र के माध्यम से ऑनलाइन भरवाए गए तथा अन्य पिछड़ा वर्ग के जाति प्रमाण पत्र के दस्तावेज भी ऑनलाइन अपलोड करवाकर तहसीलदार बायतु को सौंपा गया, तांकि तत्काल प्रभाव से बहुत अधिक संख्या में उपस्थित बालिकाओं के मूल निवास एवं जाति प्रमाण पत्र बनवाकर शिविर की उपयोगिता को और अधिक प्रासंगिक बनाया गया। जिससे राज्य सरकार द्वारा जो जन कल्याणकारी भावना सुनिश्चित की गई है, उसका लाभ हर व्यक्ति तक पहुंचे। अतिरिक्त सीईओ बालोतरा ने अधिकारियों का ध्यान आकर्षित करवाया तथा फुटबॉल के आकार की पानी की 1500 लीटर की टंकियों का निर्माण कर जो नवाचार किया गया। उसको अतिरिक्त मुख्य कार्यकारी अधिकारी द्वारा अवलोकन किया गया। शिविर से प्रस्थान के समय तथा संबंधित कर्मचारियों से शिविर की जानकारी एवं सुझाव लिए। इस दौरान सहायक विकास अधिकारी सहित कई कार्मिक उपस्थित रहे।
बिलाड़ा स्टेशन का रेलवे कोड बदला
जोधपुर, (कासं)। रेलवे ने उत्तर पश्चिम रेलवे के बिलाड़ा रेलवे स्टेशन के रेलवे कोड में परिवर्तन किया है। जोधपुर मंडल के डीआरएम अनुराग त्रिपाठी ने बताया कि उत्तर पश्चिम रेलवे के जोधपुर मंडल पर स्थित बिलाड़ा रेलवे स्टेशन का पुराना कोड बदल कर नया कोड लागू किया गया है।
जोधपुर मंडल पर बिलाड़ा रेलवे स्टेशन के रेलवे कोड को नए अल्फा कोड में परिवर्तित किया गया है। इसके साथ ही उपरोक्त स्टेशन का संशोधित कोड आरक्षण, टिकटिंग एवं फ्रेट ऑपरेशन समेत सभी सिस्टम में दर्ज किया गया है।
